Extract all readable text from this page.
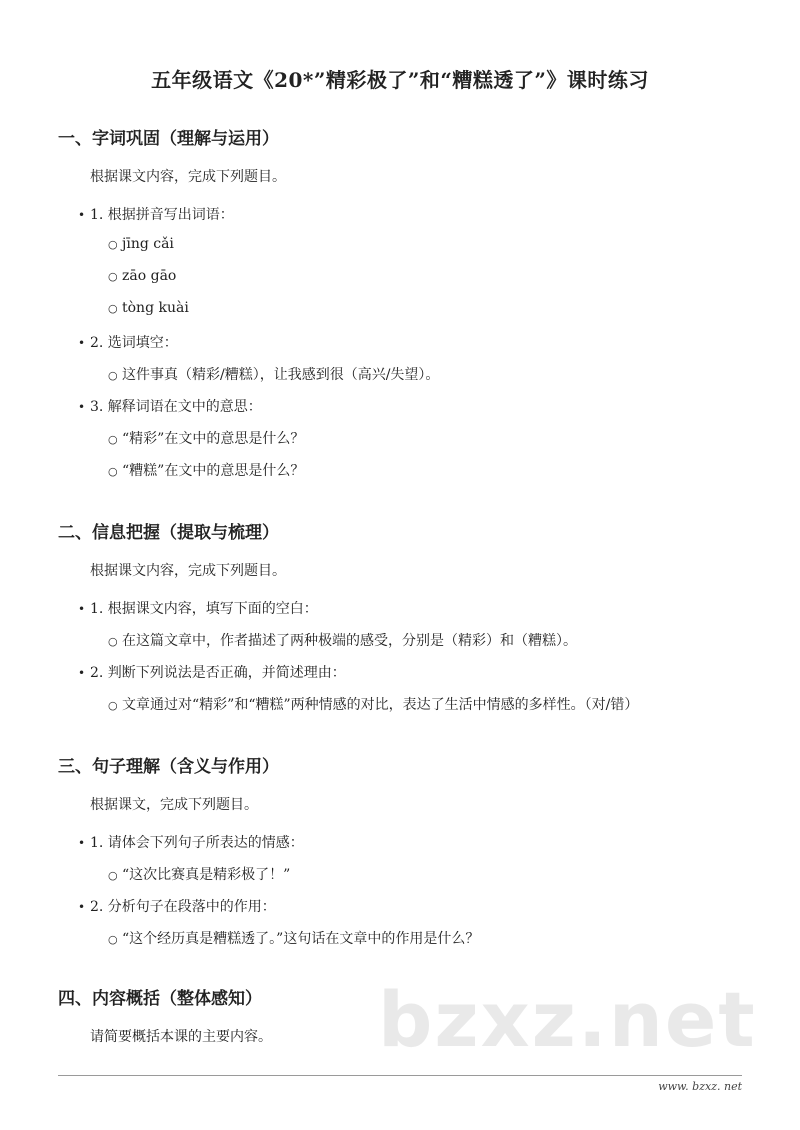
bzxz.net
五年级语文《20*”精彩极了”和“糟糕透了”》课时练习
一、字词巩固（理解与运用）
根据课文内容，完成下列题目。
• 1. 根据拼音写出词语：
○ jīng cǎi
○ zāo gāo
○ tòng kuài
• 2. 选词填空：
○ 这件事真（精彩/糟糕），让我感到很（高兴/失望）。
• 3. 解释词语在文中的意思：
○ “精彩”在文中的意思是什么？
○ “糟糕”在文中的意思是什么？
二、信息把握（提取与梳理）
根据课文内容，完成下列题目。
• 1. 根据课文内容，填写下面的空白：
○ 在这篇文章中，作者描述了两种极端的感受，分别是（精彩）和（糟糕）。
• 2. 判断下列说法是否正确，并简述理由：
○ 文章通过对“精彩”和“糟糕”两种情感的对比，表达了生活中情感的多样性。（对/错）
三、句子理解（含义与作用）
根据课文，完成下列题目。
• 1. 请体会下列句子所表达的情感：
○ “这次比赛真是精彩极了！”
• 2. 分析句子在段落中的作用：
○ “这个经历真是糟糕透了。”这句话在文章中的作用是什么？
四、内容概括（整体感知）
请简要概括本课的主要内容。
www. bzxz. net
